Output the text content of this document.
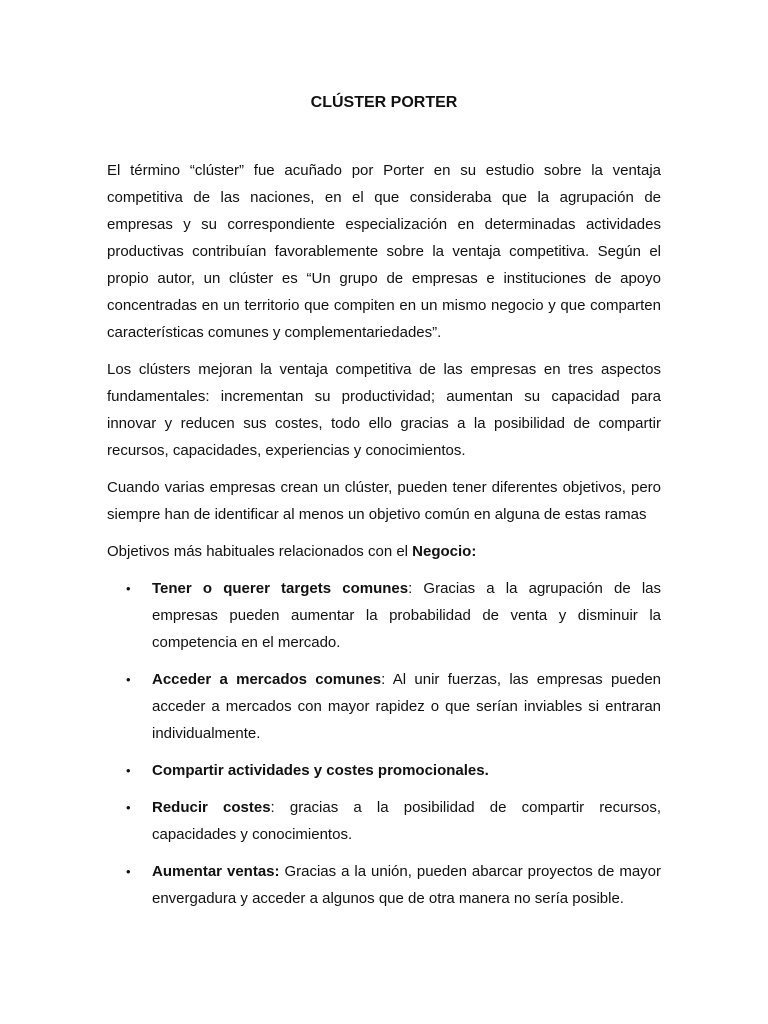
CLÚSTER PORTER

El término “clúster” fue acuñado por Porter en su estudio sobre la ventaja competitiva de las naciones, en el que consideraba que la agrupación de empresas y su correspondiente especialización en determinadas actividades productivas contribuían favorablemente sobre la ventaja competitiva. Según el propio autor, un clúster es “Un grupo de empresas e instituciones de apoyo concentradas en un territorio que compiten en un mismo negocio y que comparten características comunes y complementariedades”.

Los clústers mejoran la ventaja competitiva de las empresas en tres aspectos fundamentales: incrementan su productividad; aumentan su capacidad para innovar y reducen sus costes, todo ello gracias a la posibilidad de compartir recursos, capacidades, experiencias y conocimientos.

Cuando varias empresas crean un clúster, pueden tener diferentes objetivos, pero siempre han de identificar al menos un objetivo común en alguna de estas ramas

Objetivos más habituales relacionados con el Negocio:

• Tener o querer targets comunes: Gracias a la agrupación de las empresas pueden aumentar la probabilidad de venta y disminuir la competencia en el mercado.
• Acceder a mercados comunes: Al unir fuerzas, las empresas pueden acceder a mercados con mayor rapidez o que serían inviables si entraran individualmente.
• Compartir actividades y costes promocionales.
• Reducir costes: gracias a la posibilidad de compartir recursos, capacidades y conocimientos.
• Aumentar ventas: Gracias a la unión, pueden abarcar proyectos de mayor envergadura y acceder a algunos que de otra manera no sería posible.
